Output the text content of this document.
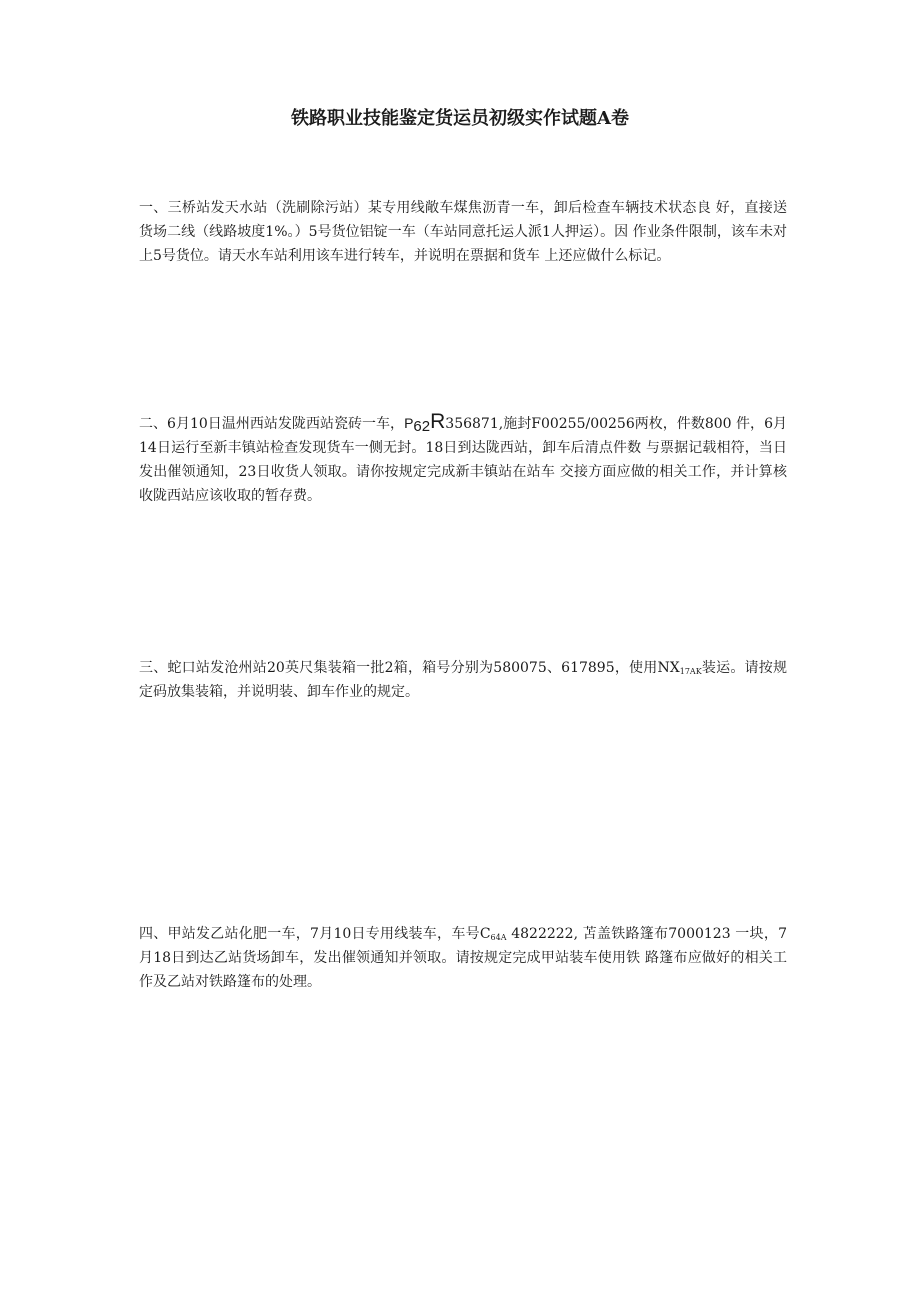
铁路职业技能鉴定货运员初级实作试题A卷
一、三桥站发天水站（洗刷除污站）某专用线敞车煤焦沥青一车，卸后检查车辆技术状态良 好，直接送货场二线（线路坡度1%。）5号货位铝锭一车（车站同意托运人派1人押运）。因 作业条件限制，该车未对上5号货位。请天水车站利用该车进行转车，并说明在票据和货车 上还应做什么标记。
二、6月10日温州西站发陇西站瓷砖一车，P62R356871,施封F00255/00256两枚，件数800 件，6月14日运行至新丰镇站检查发现货车一侧无封。18日到达陇西站，卸车后清点件数 与票据记载相符，当日发出催领通知，23日收货人领取。请你按规定完成新丰镇站在站车 交接方面应做的相关工作，并计算核收陇西站应该收取的暂存费。
三、蛇口站发沧州站20英尺集装箱一批2箱，箱号分别为580075、617895，使用$NX_{17AK}$装运。请按规定码放集装箱，并说明装、卸车作业的规定。
四、甲站发乙站化肥一车，7月10日专用线装车，车号$C_{64A}$ 4822222, 苫盖铁路篷布7000123 一块，7月18日到达乙站货场卸车，发出催领通知并领取。请按规定完成甲站装车使用铁 路篷布应做好的相关工作及乙站对铁路篷布的处理。
